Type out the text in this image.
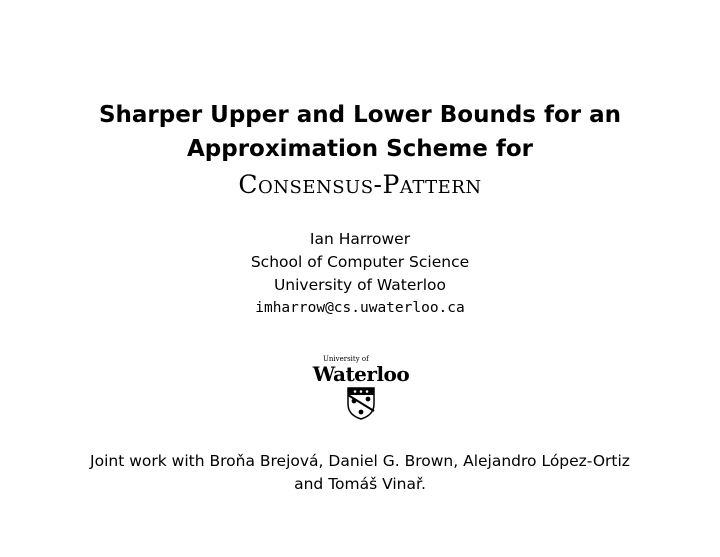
Sharper Upper and Lower Bounds for an
Approximation Scheme for
Consensus-Pattern
Ian Harrower
School of Computer Science
University of Waterloo
imharrow@cs.uwaterloo.ca
University of
Waterloo
Joint work with Broňa Brejová, Daniel G. Brown, Alejandro López-Ortiz
and Tomáš Vinař.
